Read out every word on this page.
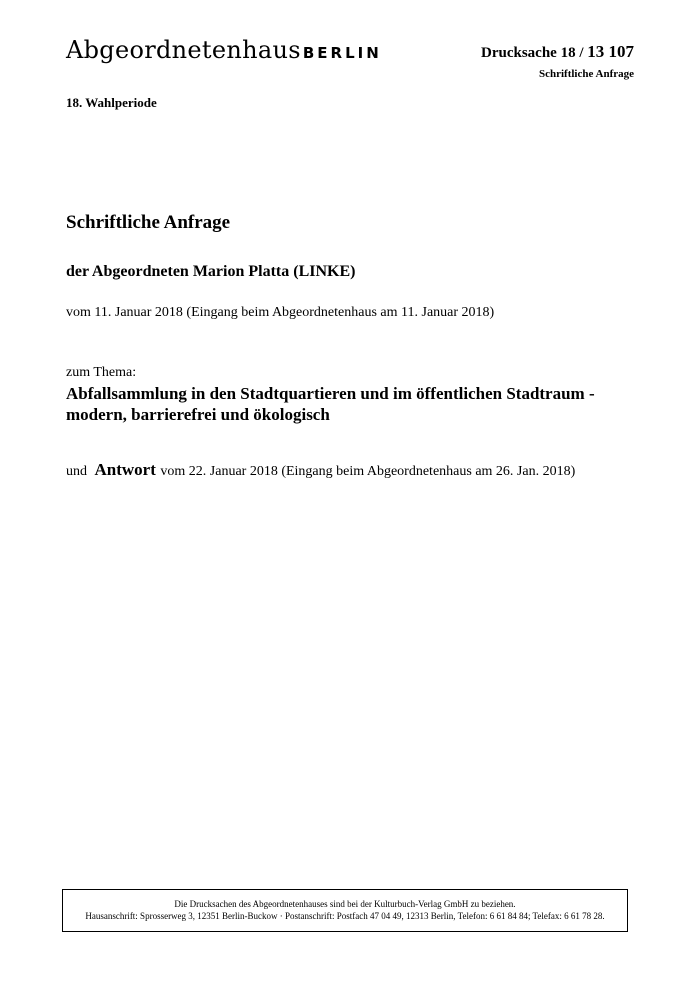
Abgeordnetenhaus BERLIN	Drucksache 18 / 13 107
Schriftliche Anfrage
18. Wahlperiode
Schriftliche Anfrage
der Abgeordneten Marion Platta (LINKE)
vom 11. Januar 2018 (Eingang beim Abgeordnetenhaus am 11. Januar 2018)
zum Thema:
Abfallsammlung in den Stadtquartieren und im öffentlichen Stadtraum - modern, barrierefrei und ökologisch
und Antwort vom 22. Januar 2018 (Eingang beim Abgeordnetenhaus am 26. Jan. 2018)
Die Drucksachen des Abgeordnetenhauses sind bei der Kulturbuch-Verlag GmbH zu beziehen.
Hausanschrift: Sprosserweg 3, 12351 Berlin-Buckow · Postanschrift: Postfach 47 04 49, 12313 Berlin, Telefon: 6 61 84 84; Telefax: 6 61 78 28.
